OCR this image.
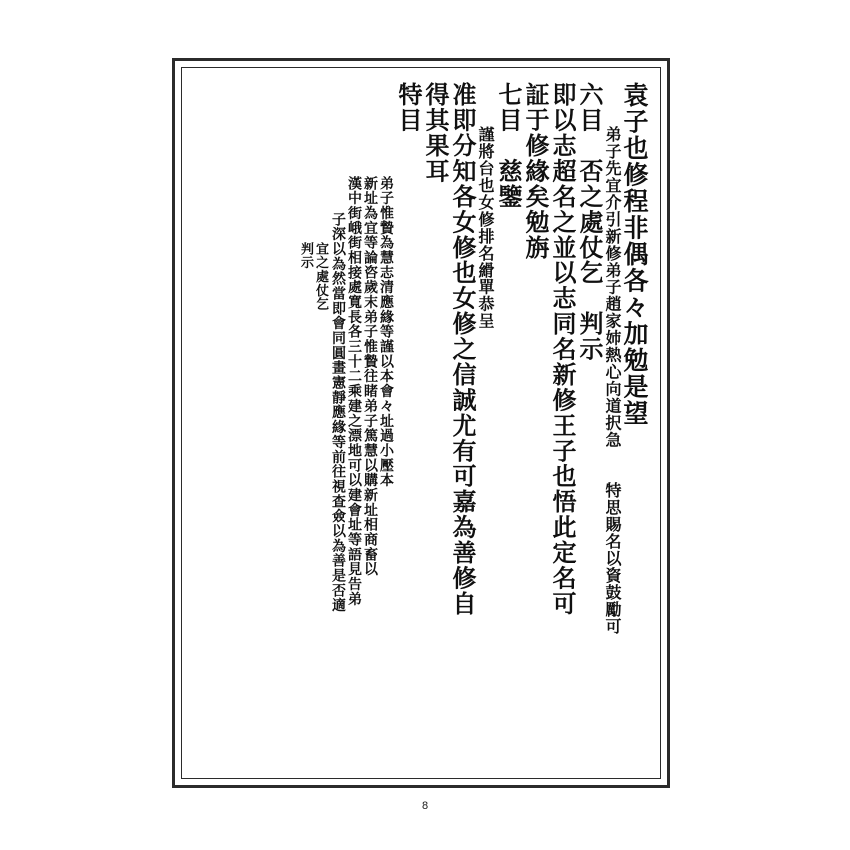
袁子也修程非偶各々加勉是望
弟子先宜介引新修弟子趙家姉熱心向道択急　　特思賜名以資鼓勵可
六目　否之處仗乞　判示
即以志超名之並以志同名新修王子也悟此定名可
証于修緣矣勉旃
七目　慈鑒
謹將台也女修排名縎單恭呈
准即分知各女修也女修之信誠尤有可嘉為善修自
得其果耳
特目
弟子惟贄為慧志清應緣等謹以本會々址過小壓本
新址為宜等論咨歲末弟子惟贄往睹弟子篤慧以購新址相商畜以
漢中街峨街相接處寬長各三十二乘建之漂地可以建會址等語見告弟
子深以為然當即會同圓畫憲靜應緣等前往視查僉以為善是否適
宜之處仗乞
判示
8
